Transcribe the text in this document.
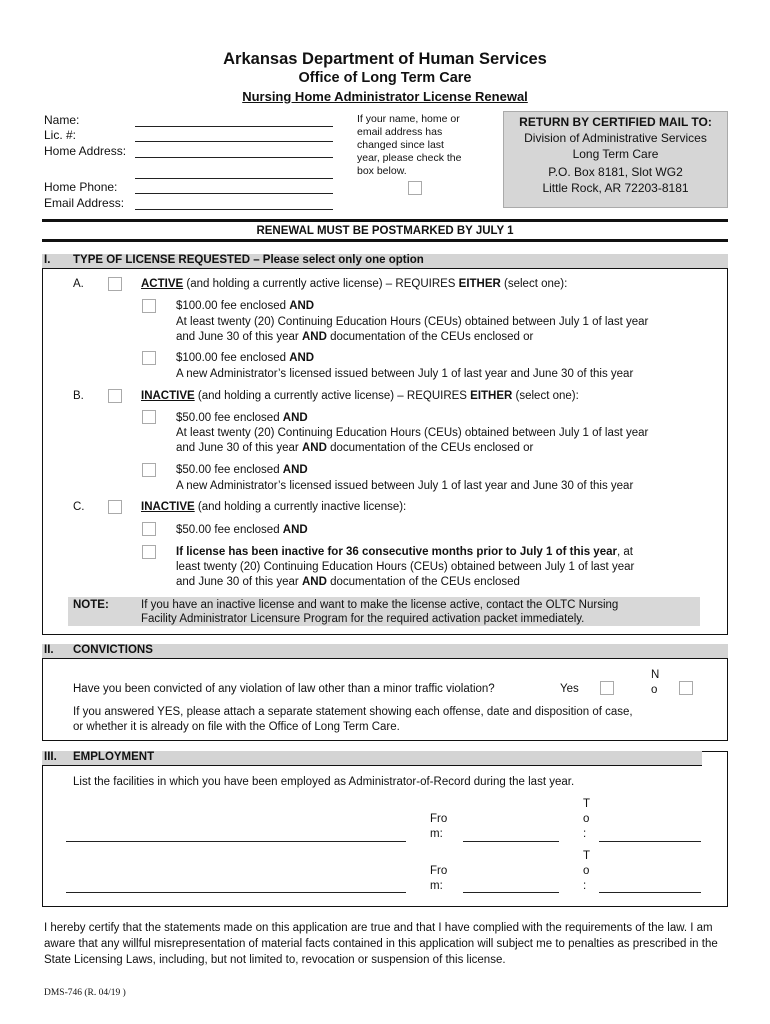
Arkansas Department of Human Services
Office of Long Term Care
Nursing Home Administrator License Renewal
Name:
Lic. #:
Home Address:
Home Phone:
Email Address:
If your name, home or
email address has
changed since last
year, please check the
box below.
RETURN BY CERTIFIED MAIL TO:
Division of Administrative Services
Long Term Care
P.O. Box 8181, Slot WG2
Little Rock, AR 72203-8181
RENEWAL MUST BE POSTMARKED BY JULY 1
I. TYPE OF LICENSE REQUESTED – Please select only one option
A.	ACTIVE (and holding a currently active license) – REQUIRES EITHER (select one):
$100.00 fee enclosed AND
At least twenty (20) Continuing Education Hours (CEUs) obtained between July 1 of last year
and June 30 of this year AND documentation of the CEUs enclosed or
$100.00 fee enclosed AND
A new Administrator’s licensed issued between July 1 of last year and June 30 of this year
B.	INACTIVE (and holding a currently active license) – REQUIRES EITHER (select one):
$50.00 fee enclosed AND
At least twenty (20) Continuing Education Hours (CEUs) obtained between July 1 of last year
and June 30 of this year AND documentation of the CEUs enclosed or
$50.00 fee enclosed AND
A new Administrator’s licensed issued between July 1 of last year and June 30 of this year
C.	INACTIVE (and holding a currently inactive license):
$50.00 fee enclosed AND
If license has been inactive for 36 consecutive months prior to July 1 of this year, at
least twenty (20) Continuing Education Hours (CEUs) obtained between July 1 of last year
and June 30 of this year AND documentation of the CEUs enclosed
NOTE:	If you have an inactive license and want to make the license active, contact the OLTC Nursing
Facility Administrator Licensure Program for the required activation packet immediately.
II. CONVICTIONS
Have you been convicted of any violation of law other than a minor traffic violation?	Yes
N
o
If you answered YES, please attach a separate statement showing each offense, date and disposition of case,
or whether it is already on file with the Office of Long Term Care.
III. EMPLOYMENT
List the facilities in which you have been employed as Administrator-of-Record during the last year.
Fro
m:
T
o
:
Fro
m:
T
o
:
I hereby certify that the statements made on this application are true and that I have complied with the requirements of the law. I am aware that any willful misrepresentation of material facts contained in this application will subject me to penalties as prescribed in the State Licensing Laws, including, but not limited to, revocation or suspension of this license.
DMS-746 (R. 04/19 )
